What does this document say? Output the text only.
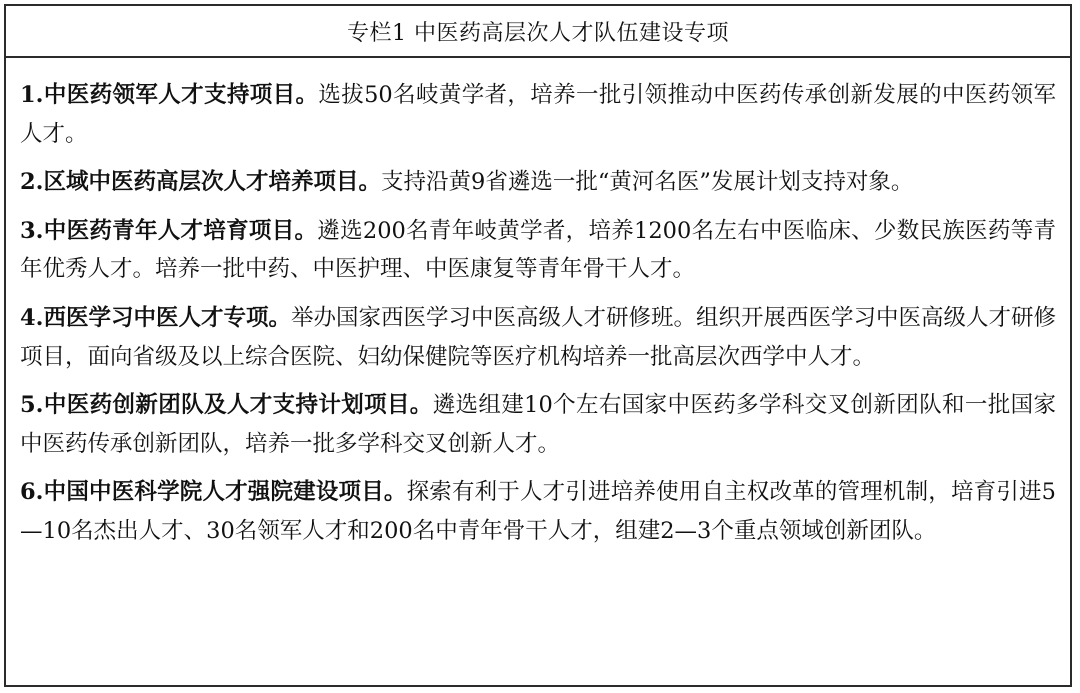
专栏1 中医药高层次人才队伍建设专项

1.中医药领军人才支持项目。选拔50名岐黄学者，培养一批引领推动中医药传承创新发展的中医药领军人才。

2.区域中医药高层次人才培养项目。支持沿黄9省遴选一批“黄河名医”发展计划支持对象。

3.中医药青年人才培育项目。遴选200名青年岐黄学者，培养1200名左右中医临床、少数民族医药等青年优秀人才。培养一批中药、中医护理、中医康复等青年骨干人才。

4.西医学习中医人才专项。举办国家西医学习中医高级人才研修班。组织开展西医学习中医高级人才研修项目，面向省级及以上综合医院、妇幼保健院等医疗机构培养一批高层次西学中人才。

5.中医药创新团队及人才支持计划项目。遴选组建10个左右国家中医药多学科交叉创新团队和一批国家中医药传承创新团队，培养一批多学科交叉创新人才。

6.中国中医科学院人才强院建设项目。探索有利于人才引进培养使用自主权改革的管理机制，培育引进5—10名杰出人才、30名领军人才和200名中青年骨干人才，组建2—3个重点领域创新团队。
